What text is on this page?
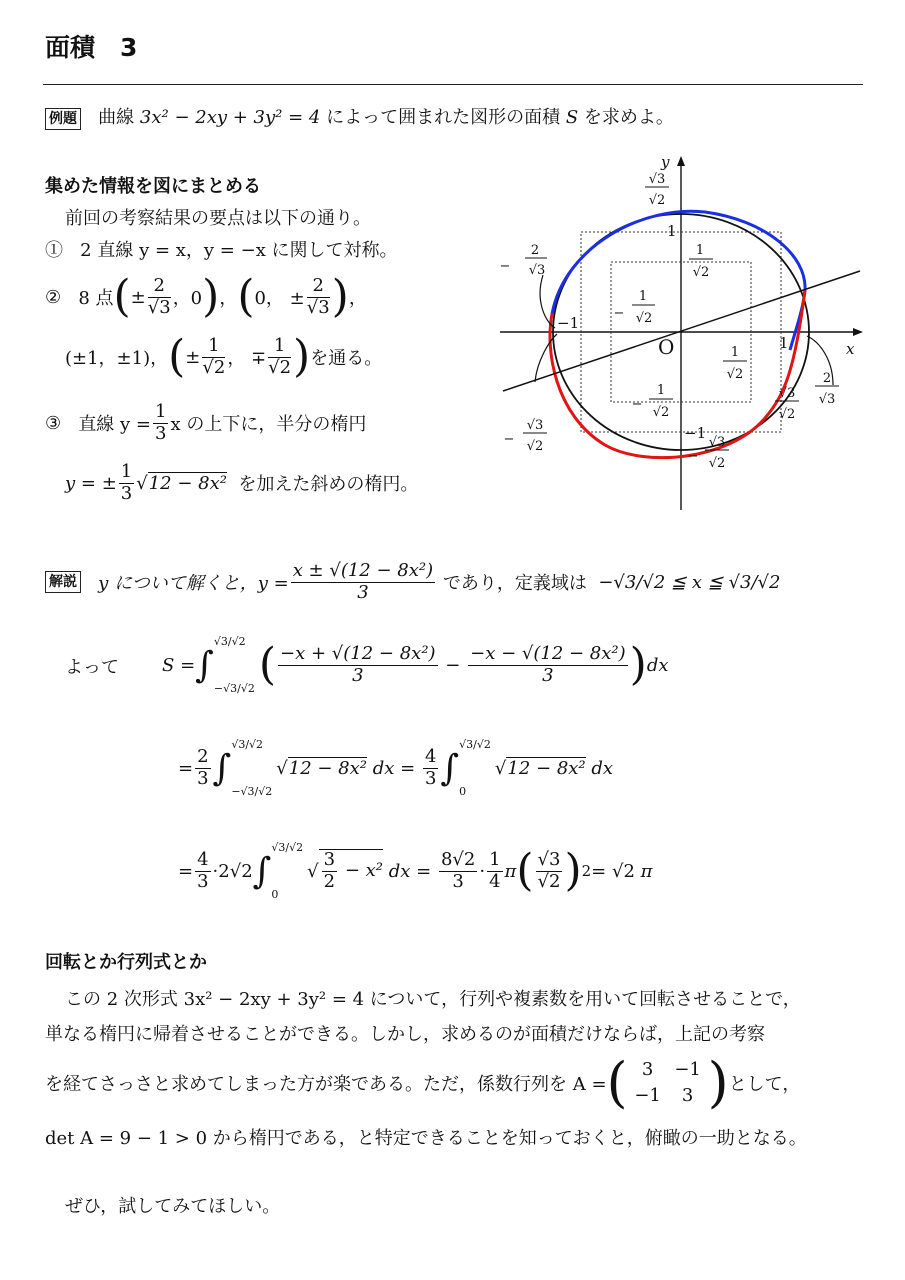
面積　3
例題 曲線 3x² − 2xy + 3y² = 4 によって囲まれた図形の面積 S を求めよ。
集めた情報を図にまとめる
前回の考察結果の要点は以下の通り。
① 2 直線 y = x，y = −x に関して対称。
②
8 点 ( ± $\frac{2}{√3}$ ，0 ) ， ( 0， ± $\frac{2}{√3}$ ) ，
(±1，±1)， ( ± $\frac{1}{√2}$ ， ∓ $\frac{1}{√2}$ ) を通る。
③
直線 $y = \frac{1}{3}$ x の上下に，半分の楕円
y = ± $\frac{1}{3}$ √ 12 − 8x²
を加えた斜めの楕円。
x
y
O
1
1
−1
−1
√3
√2
−
2
√3
1
√2
−
1
√2
1
√2
−
1
√2
√3
√2
2
√3
−
√3
√2
−
√3
√2
解説
y について解くと，$y = \frac{\text{x ± √(12 − 8x²)}}{3}$
であり，定義域は
−√3/√2 ≦ x ≦ √3/√2
よって S = ∫
√3/√2
−√3/√2 ( $\frac{\text{−x + √(12 − 8x²)}}{3} - \frac{\text{−x − √(12 − 8x²)}}{3}$ ) dx
= $\frac{2}{3}$ ∫
√3/√2
−√3/√2
√ 12 − 8x²
dx = $\frac{4}{3}$ ∫
√3/√2
0
√ 12 − 8x²
dx
= $\frac{4}{3} \cdot 2√2$ ∫
√3/√2
0
√ $\frac{3}{2} - x^2$
dx = $\frac{8√2}{3} \cdot \frac{1}{4}$ π ( $\frac{√3}{√2}$ ) 2 = √2 π
回転とか行列式とか
この 2 次形式 3x² − 2xy + 3y² = 4 について，行列や複素数を用いて回転させることで，
単なる楕円に帰着させることができる。しかし，求めるのが面積だけならば，上記の考察
を経てさっさと求めてしまった方が楽である。ただ，係数行列を A = ( 3	−1
−1	3 ) として，
det A = 9 − 1 > 0 から楕円である，と特定できることを知っておくと，俯瞰の一助となる。
ぜひ，試してみてほしい。
